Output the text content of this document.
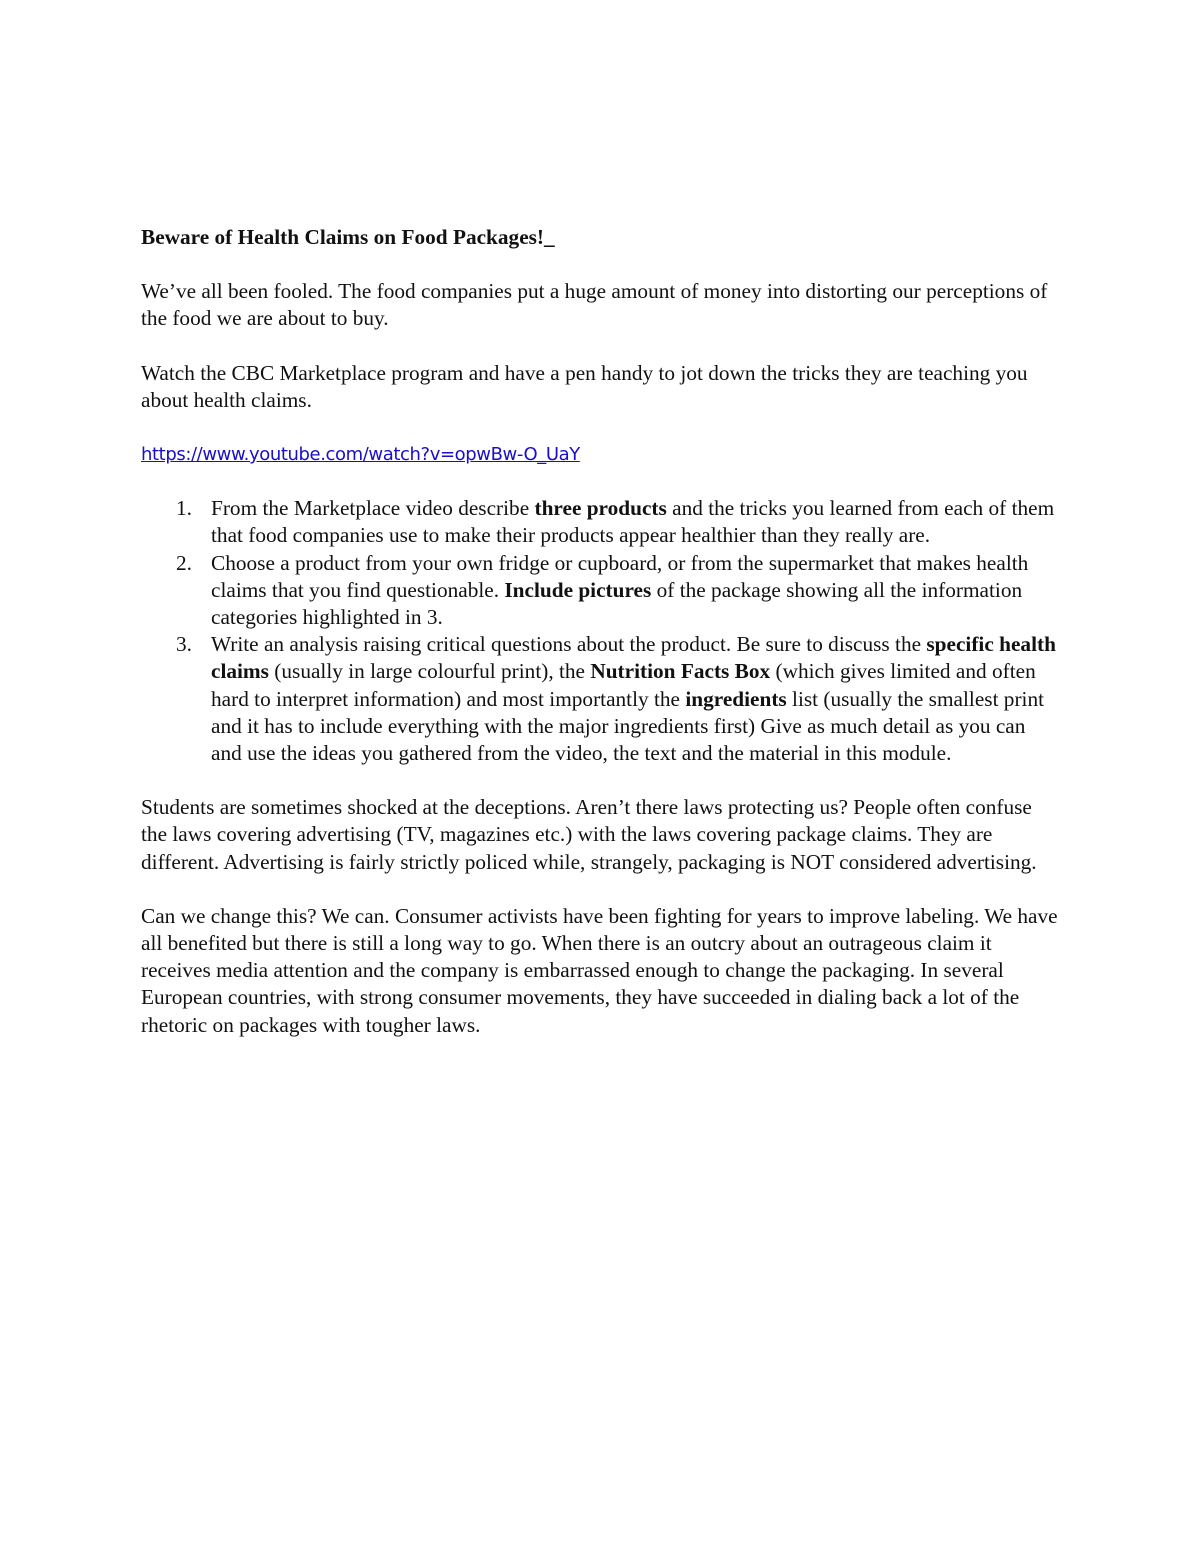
Beware of Health Claims on Food Packages!_

We’ve all been fooled. The food companies put a huge amount of money into distorting our perceptions of the food we are about to buy.

Watch the CBC Marketplace program and have a pen handy to jot down the tricks they are teaching you about health claims.

https://www.youtube.com/watch?v=opwBw-O_UaY
1. From the Marketplace video describe three products and the tricks you learned from each of them that food companies use to make their products appear healthier than they really are.
2. Choose a product from your own fridge or cupboard, or from the supermarket that makes health claims that you find questionable. Include pictures of the package showing all the information categories highlighted in 3.
3. Write an analysis raising critical questions about the product. Be sure to discuss the specific health claims (usually in large colourful print), the Nutrition Facts Box (which gives limited and often hard to interpret information) and most importantly the ingredients list (usually the smallest print and it has to include everything with the major ingredients first) Give as much detail as you can and use the ideas you gathered from the video, the text and the material in this module.

Students are sometimes shocked at the deceptions. Aren’t there laws protecting us? People often confuse the laws covering advertising (TV, magazines etc.) with the laws covering package claims. They are different. Advertising is fairly strictly policed while, strangely, packaging is NOT considered advertising.

Can we change this? We can. Consumer activists have been fighting for years to improve labeling. We have all benefited but there is still a long way to go. When there is an outcry about an outrageous claim it receives media attention and the company is embarrassed enough to change the packaging. In several European countries, with strong consumer movements, they have succeeded in dialing back a lot of the rhetoric on packages with tougher laws.
